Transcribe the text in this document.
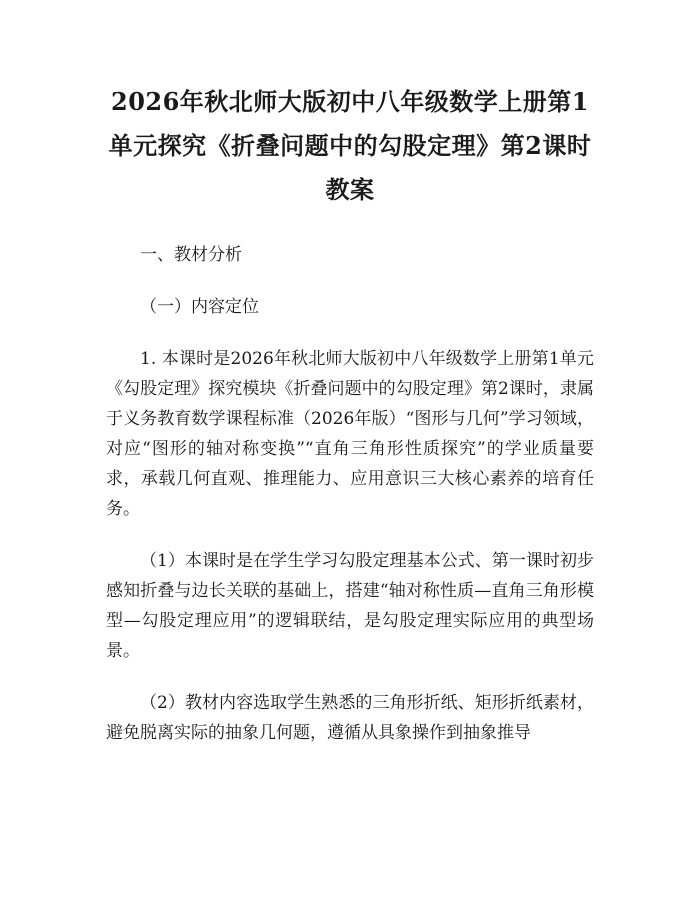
2026年秋北师大版初中八年级数学上册第1单元探究《折叠问题中的勾股定理》第2课时教案
一、教材分析
（一）内容定位
1. 本课时是2026年秋北师大版初中八年级数学上册第1单元《勾股定理》探究模块《折叠问题中的勾股定理》第2课时，隶属于义务教育数学课程标准（2026年版）“图形与几何”学习领域，对应“图形的轴对称变换”“直角三角形性质探究”的学业质量要求，承载几何直观、推理能力、应用意识三大核心素养的培育任务。
（1）本课时是在学生学习勾股定理基本公式、第一课时初步感知折叠与边长关联的基础上，搭建“轴对称性质—直角三角形模型—勾股定理应用”的逻辑联结，是勾股定理实际应用的典型场景。
（2）教材内容选取学生熟悉的三角形折纸、矩形折纸素材，避免脱离实际的抽象几何题，遵循从具象操作到抽象推导
